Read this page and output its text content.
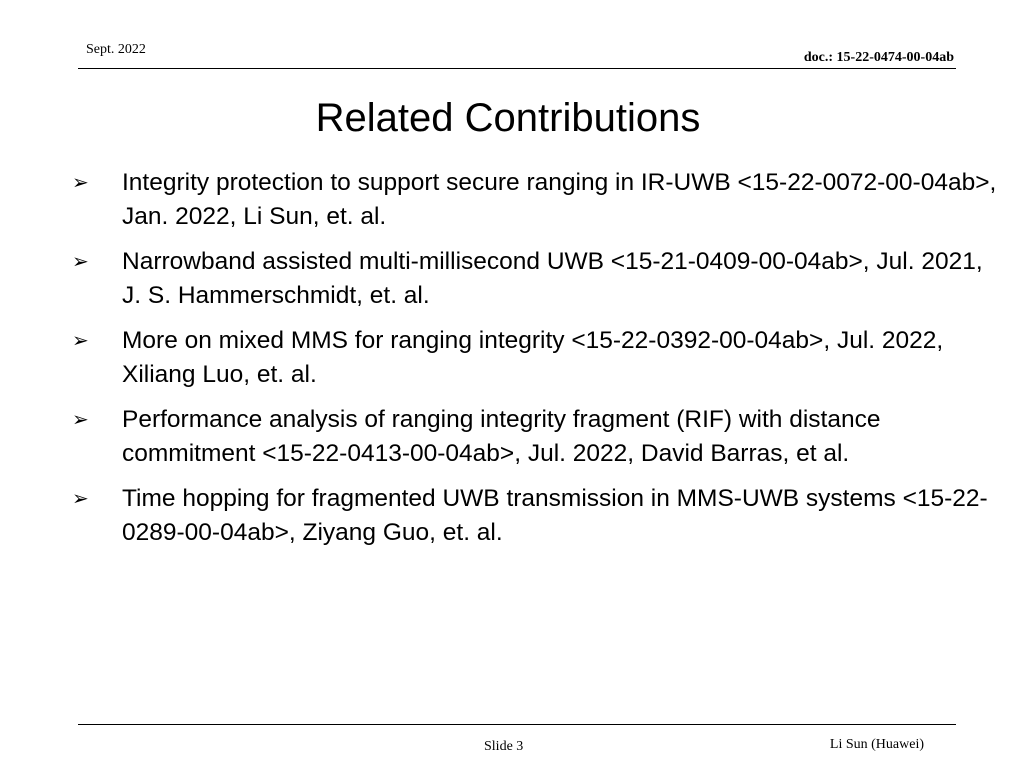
Sept. 2022
doc.: 15-22-0474-00-04ab
Related Contributions
➢ Integrity protection to support secure ranging in IR-UWB <15-22-0072-00-04ab>, Jan. 2022, Li Sun, et. al.
➢ Narrowband assisted multi-millisecond UWB <15-21-0409-00-04ab>, Jul. 2021, J. S. Hammerschmidt, et. al.
➢ More on mixed MMS for ranging integrity <15-22-0392-00-04ab>, Jul. 2022, Xiliang Luo, et. al.
➢ Performance analysis of ranging integrity fragment (RIF) with distance commitment <15-22-0413-00-04ab>, Jul. 2022, David Barras, et al.
➢ Time hopping for fragmented UWB transmission in MMS-UWB systems <15-22-0289-00-04ab>, Ziyang Guo, et. al.
Slide 3	Li Sun (Huawei)
